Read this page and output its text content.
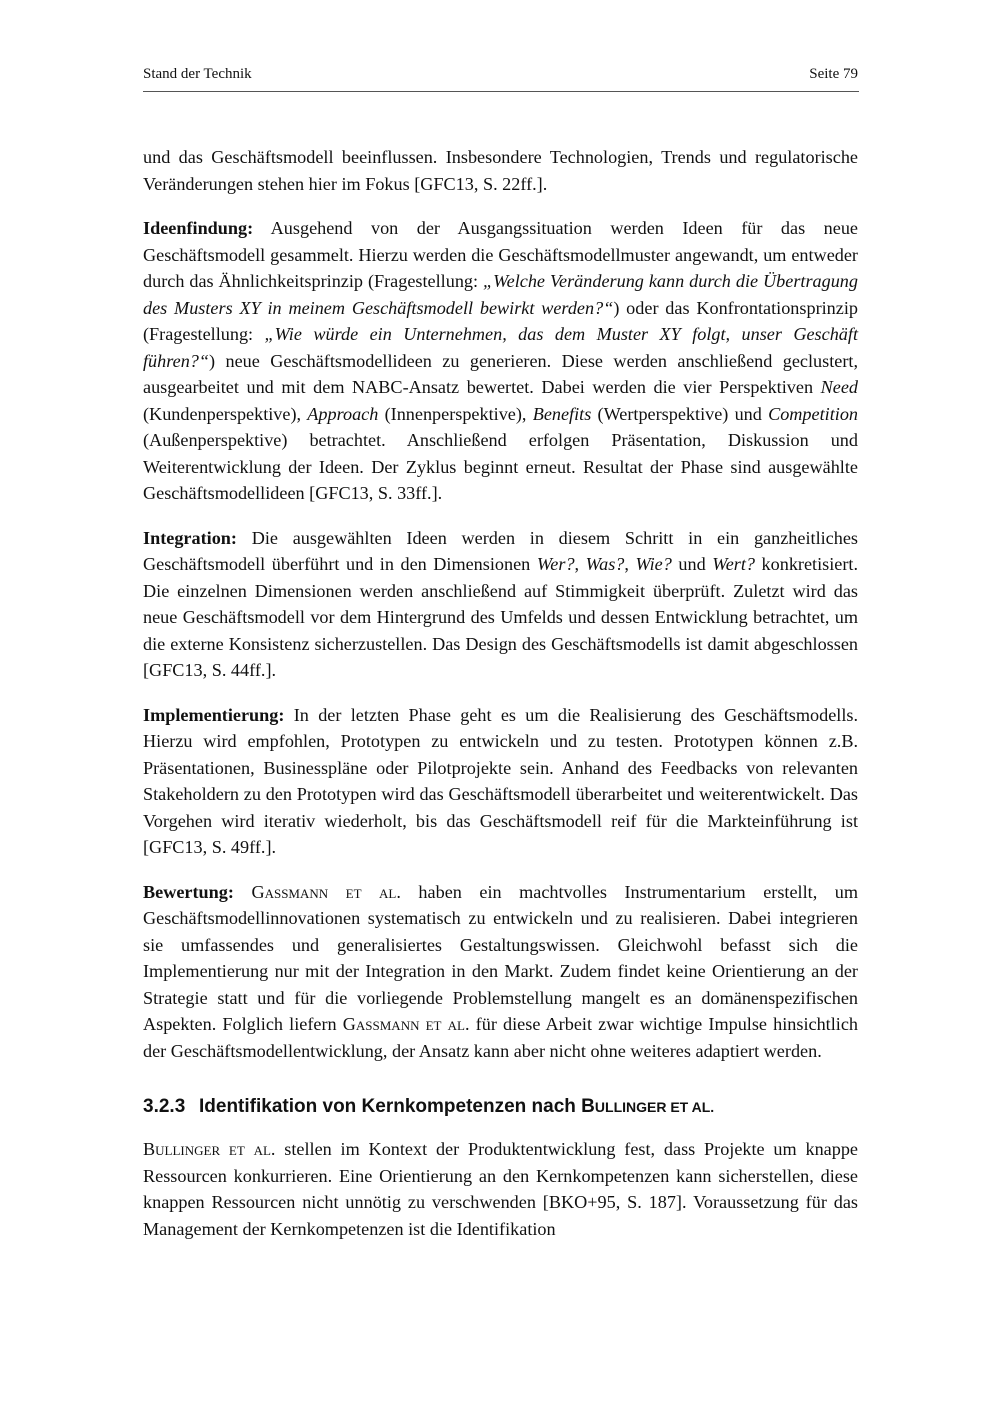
Stand der Technik	Seite 79

und das Geschäftsmodell beeinflussen. Insbesondere Technologien, Trends und regulatorische Veränderungen stehen hier im Fokus [GFC13, S. 22ff.].

Ideenfindung: Ausgehend von der Ausgangssituation werden Ideen für das neue Geschäftsmodell gesammelt. Hierzu werden die Geschäftsmodellmuster angewandt, um entweder durch das Ähnlichkeitsprinzip (Fragestellung: „Welche Veränderung kann durch die Übertragung des Musters XY in meinem Geschäftsmodell bewirkt werden?“) oder das Konfrontationsprinzip (Fragestellung: „Wie würde ein Unternehmen, das dem Muster XY folgt, unser Geschäft führen?“) neue Geschäftsmodellideen zu generieren. Diese werden anschließend geclustert, ausgearbeitet und mit dem NABC-Ansatz bewertet. Dabei werden die vier Perspektiven Need (Kundenperspektive), Approach (Innenperspektive), Benefits (Wertperspektive) und Competition (Außenperspektive) betrachtet. Anschließend erfolgen Präsentation, Diskussion und Weiterentwicklung der Ideen. Der Zyklus beginnt erneut. Resultat der Phase sind ausgewählte Geschäftsmodellideen [GFC13, S. 33ff.].

Integration: Die ausgewählten Ideen werden in diesem Schritt in ein ganzheitliches Geschäftsmodell überführt und in den Dimensionen Wer?, Was?, Wie? und Wert? konkretisiert. Die einzelnen Dimensionen werden anschließend auf Stimmigkeit überprüft. Zuletzt wird das neue Geschäftsmodell vor dem Hintergrund des Umfelds und dessen Entwicklung betrachtet, um die externe Konsistenz sicherzustellen. Das Design des Geschäftsmodells ist damit abgeschlossen [GFC13, S. 44ff.].

Implementierung: In der letzten Phase geht es um die Realisierung des Geschäftsmodells. Hierzu wird empfohlen, Prototypen zu entwickeln und zu testen. Prototypen können z.B. Präsentationen, Businesspläne oder Pilotprojekte sein. Anhand des Feedbacks von relevanten Stakeholdern zu den Prototypen wird das Geschäftsmodell überarbeitet und weiterentwickelt. Das Vorgehen wird iterativ wiederholt, bis das Geschäftsmodell reif für die Markteinführung ist [GFC13, S. 49ff.].

Bewertung: Gassmann et al. haben ein machtvolles Instrumentarium erstellt, um Geschäftsmodellinnovationen systematisch zu entwickeln und zu realisieren. Dabei integrieren sie umfassendes und generalisiertes Gestaltungswissen. Gleichwohl befasst sich die Implementierung nur mit der Integration in den Markt. Zudem findet keine Orientierung an der Strategie statt und für die vorliegende Problemstellung mangelt es an domänenspezifischen Aspekten. Folglich liefern Gassmann et al. für diese Arbeit zwar wichtige Impulse hinsichtlich der Geschäftsmodellentwicklung, der Ansatz kann aber nicht ohne weiteres adaptiert werden.

3.2.3 Identifikation von Kernkompetenzen nach BULLINGER ET AL.

Bullinger et al. stellen im Kontext der Produktentwicklung fest, dass Projekte um knappe Ressourcen konkurrieren. Eine Orientierung an den Kernkompetenzen kann sicherstellen, diese knappen Ressourcen nicht unnötig zu verschwenden [BKO+95, S. 187]. Voraussetzung für das Management der Kernkompetenzen ist die Identifikation
